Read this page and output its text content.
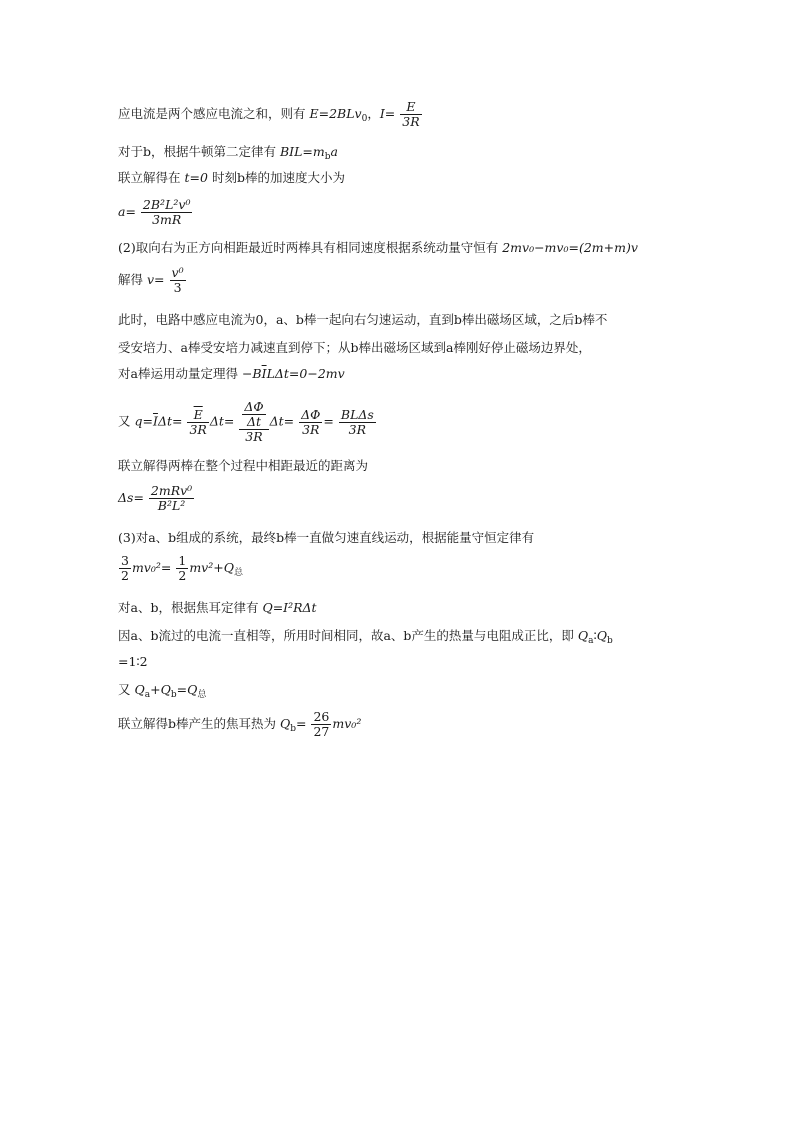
应电流是两个感应电流之和，则有 E=2BLv$_0$，$I= \frac{E}{3R}$
对于b，根据牛顿第二定律有 $BIL=m_ba$
联立解得在 t=0 时刻b棒的加速度大小为
$a= \frac{\text{2B²L²v⁰}}{3mR}$
(2)取向右为正方向相距最近时两棒具有相同速度根据系统动量守恒有 2mv₀−mv₀=(2m+m)v
解得 $v= \frac{\text{v⁰}}{3}$
此时，电路中感应电流为0，a、b棒一起向右匀速运动，直到b棒出磁场区域，之后b棒不
受安培力、a棒受安培力减速直到停下；从b棒出磁场区域到a棒刚好停止磁场边界处，
对a棒运用动量定理得 $-B\overline{I}L\Delta t=0-2mv$
又 $q=\overline{I}\Delta t= \frac{\overline{E}}{3R} \Delta t= \frac{\frac{\Delta\Phi}{\Delta t}}{3R} \Delta t= \frac{\Delta\Phi}{3R} = \frac{\text{BLΔs}}{3R}$
联立解得两棒在整个过程中相距最近的距离为
$\Delta s= \frac{\text{2mRv⁰}}{\text{B²L²}}$
(3)对a、b组成的系统，最终b棒一直做匀速直线运动，根据能量守恒定律有
$\frac{3}{2} mv_0^2= \frac{1}{2} mv^2+Q_总$
对a、b，根据焦耳定律有 Q=I²RΔt
因a、b流过的电流一直相等，所用时间相同，故a、b产生的热量与电阻成正比，即 $Q_a∶Q_b$
=1∶2
又 $Q_a+Q_b=Q_总$
联立解得b棒产生的焦耳热为 $Q_b= \frac{26}{27} mv_0^2$
